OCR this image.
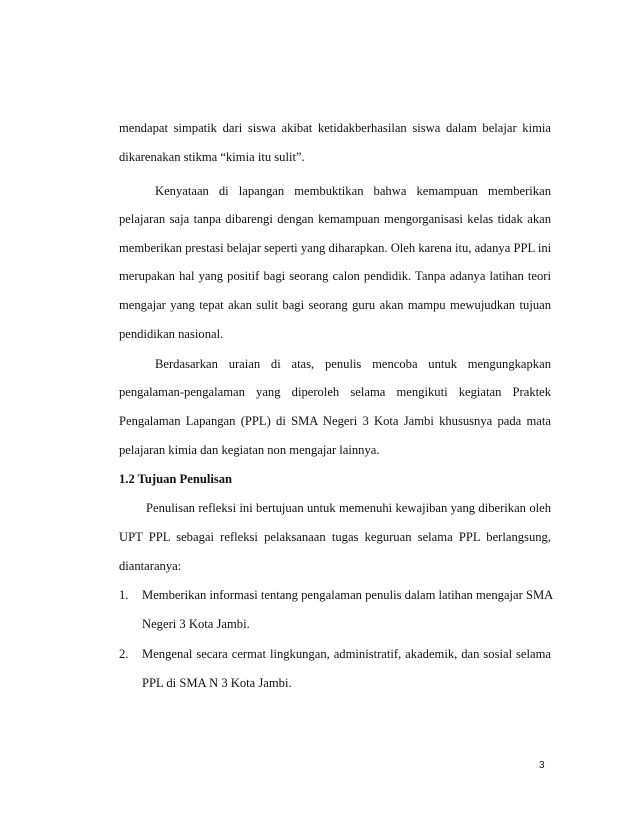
mendapat simpatik dari siswa akibat ketidakberhasilan siswa dalam belajar kimia
dikarenakan stikma “kimia itu sulit”.
Kenyataan di lapangan membuktikan bahwa kemampuan memberikan
pelajaran saja tanpa dibarengi dengan kemampuan mengorganisasi kelas tidak akan
memberikan prestasi belajar seperti yang diharapkan. Oleh karena itu, adanya PPL ini
merupakan hal yang positif bagi seorang calon pendidik. Tanpa adanya latihan teori
mengajar yang tepat akan sulit bagi seorang guru akan mampu mewujudkan tujuan
pendidikan nasional.
Berdasarkan uraian di atas, penulis mencoba untuk mengungkapkan
pengalaman-pengalaman yang diperoleh selama mengikuti kegiatan Praktek
Pengalaman Lapangan (PPL) di SMA Negeri 3 Kota Jambi khususnya pada mata
pelajaran kimia dan kegiatan non mengajar lainnya.
1.2 Tujuan Penulisan
Penulisan refleksi ini bertujuan untuk memenuhi kewajiban yang diberikan oleh
UPT PPL sebagai refleksi pelaksanaan tugas keguruan selama PPL berlangsung,
diantaranya:
1. Memberikan informasi tentang pengalaman penulis dalam latihan mengajar SMA
Negeri 3 Kota Jambi.
2. Mengenal secara cermat lingkungan, administratif, akademik, dan sosial selama
PPL di SMA N 3 Kota Jambi.
3
